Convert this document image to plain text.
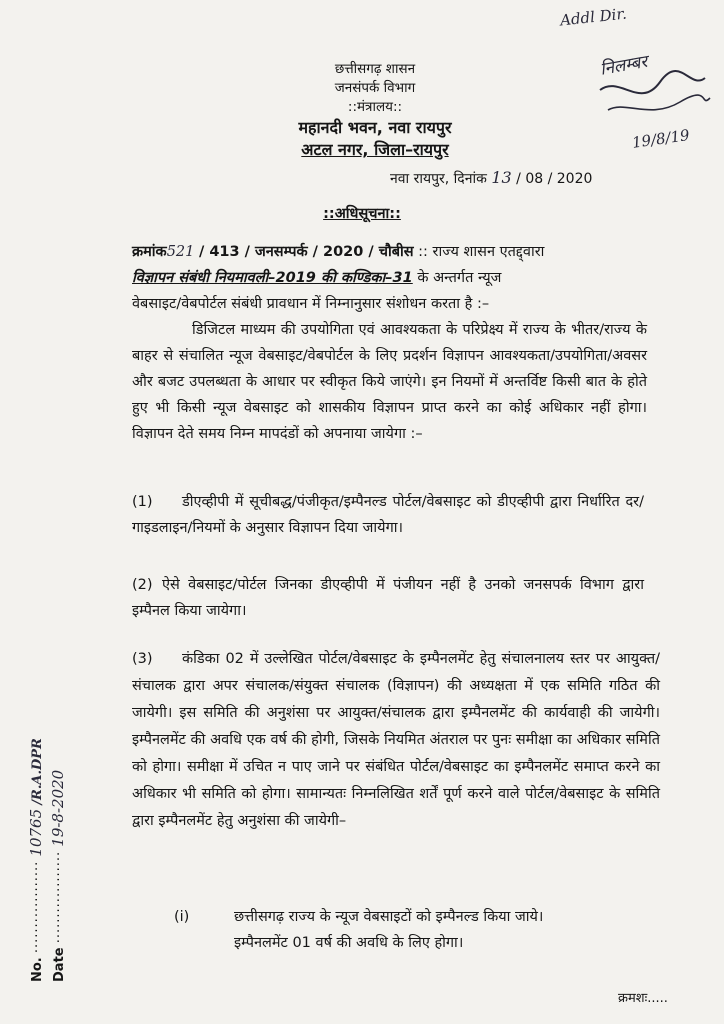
Addl Dir.
निलम्बर
19/8/19
छत्तीसगढ़ शासन
जनसंपर्क विभाग
::मंत्रालय::
महानदी भवन, नवा रायपुर
अटल नगर, जिला–रायपुर
नवा रायपुर, दिनांक 13 / 08 / 2020
::अधिसूचना::
क्रमांक521 / 413 / जनसम्पर्क / 2020 / चौबीस :: राज्य शासन एतद्द्वारा
विज्ञापन संबंधी नियमावली–2019 की कण्डिका–31 के अन्तर्गत न्यूज
वेबसाइट/वेबपोर्टल संबंधी प्रावधान में निम्नानुसार संशोधन करता है :–
डिजिटल माध्यम की उपयोगिता एवं आवश्यकता के परिप्रेक्ष्य में राज्य के भीतर/राज्य के बाहर से संचालित न्यूज वेबसाइट/वेबपोर्टल के लिए प्रदर्शन विज्ञापन आवश्यकता/उपयोगिता/अवसर और बजट उपलब्धता के आधार पर स्वीकृत किये जाएंगे। इन नियमों में अन्तर्विष्ट किसी बात के होते हुए भी किसी न्यूज वेबसाइट को शासकीय विज्ञापन प्राप्त करने का कोई अधिकार नहीं होगा। विज्ञापन देते समय निम्न मापदंडों को अपनाया जायेगा :–
(1) डीएव्हीपी में सूचीबद्ध/पंजीकृत/इम्पैनल्ड पोर्टल/वेबसाइट को डीएव्हीपी द्वारा निर्धारित दर/ गाइडलाइन/नियमों के अनुसार विज्ञापन दिया जायेगा।
(2) ऐसे वेबसाइट/पोर्टल जिनका डीएव्हीपी में पंजीयन नहीं है उनको जनसपर्क विभाग द्वारा इम्पैनल किया जायेगा।
(3) कंडिका 02 में उल्लेखित पोर्टल/वेबसाइट के इम्पैनलमेंट हेतु संचालनालय स्तर पर आयुक्त/संचालक द्वारा अपर संचालक/संयुक्त संचालक (विज्ञापन) की अध्यक्षता में एक समिति गठित की जायेगी। इस समिति की अनुशंसा पर आयुक्त/संचालक द्वारा इम्पैनलमेंट की कार्यवाही की जायेगी। इम्पैनलमेंट की अवधि एक वर्ष की होगी, जिसके नियमित अंतराल पर पुनः समीक्षा का अधिकार समिति को होगा। समीक्षा में उचित न पाए जाने पर संबंधित पोर्टल/वेबसाइट का इम्पैनलमेंट समाप्त करने का अधिकार भी समिति को होगा। सामान्यतः निम्नलिखित शर्तें पूर्ण करने वाले पोर्टल/वेबसाइट के समिति द्वारा इम्पैनलमेंट हेतु अनुशंसा की जायेगी–
(i)	छत्तीसगढ़ राज्य के न्यूज वेबसाइटों को इम्पैनल्ड किया जाये।
इम्पैनलमेंट 01 वर्ष की अवधि के लिए होगा।
No. ·················· 10765 /R.A.DPR
Date ·················· 19-8-2020
क्रमशः.....
